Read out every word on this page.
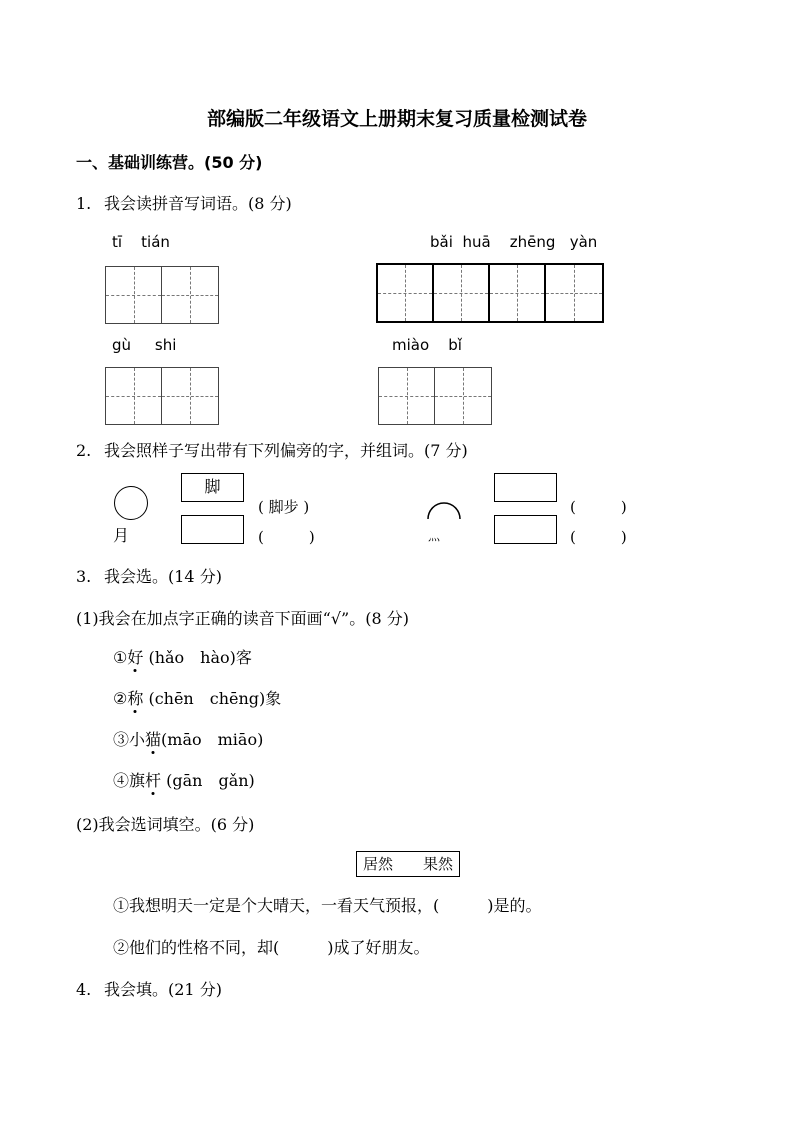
部编版二年级语文上册期末复习质量检测试卷
一、基础训练营。(50 分)
1. 我会读拼音写词语。(8 分)
tī tián	bǎi huā zhēng yàn
gù shi	miào bǐ
2. 我会照样子写出带有下列偏旁的字，并组词。(7 分)
月
脚
( 脚步 )
(　　　)	灬
(　　　)
(　　　)
3. 我会选。(14 分)
(1)我会在加点字正确的读音下面画“√”。(8 分)
①好 (hǎo　hào)客
②称 (chēn　chēng)象
③小猫(māo　miāo)
④旗杆 (gān　gǎn)
(2)我会选词填空。(6 分)
居然　　果然
①我想明天一定是个大晴天，一看天气预报，(　　　)是的。
②他们的性格不同，却(　　　)成了好朋友。
4. 我会填。(21 分)
